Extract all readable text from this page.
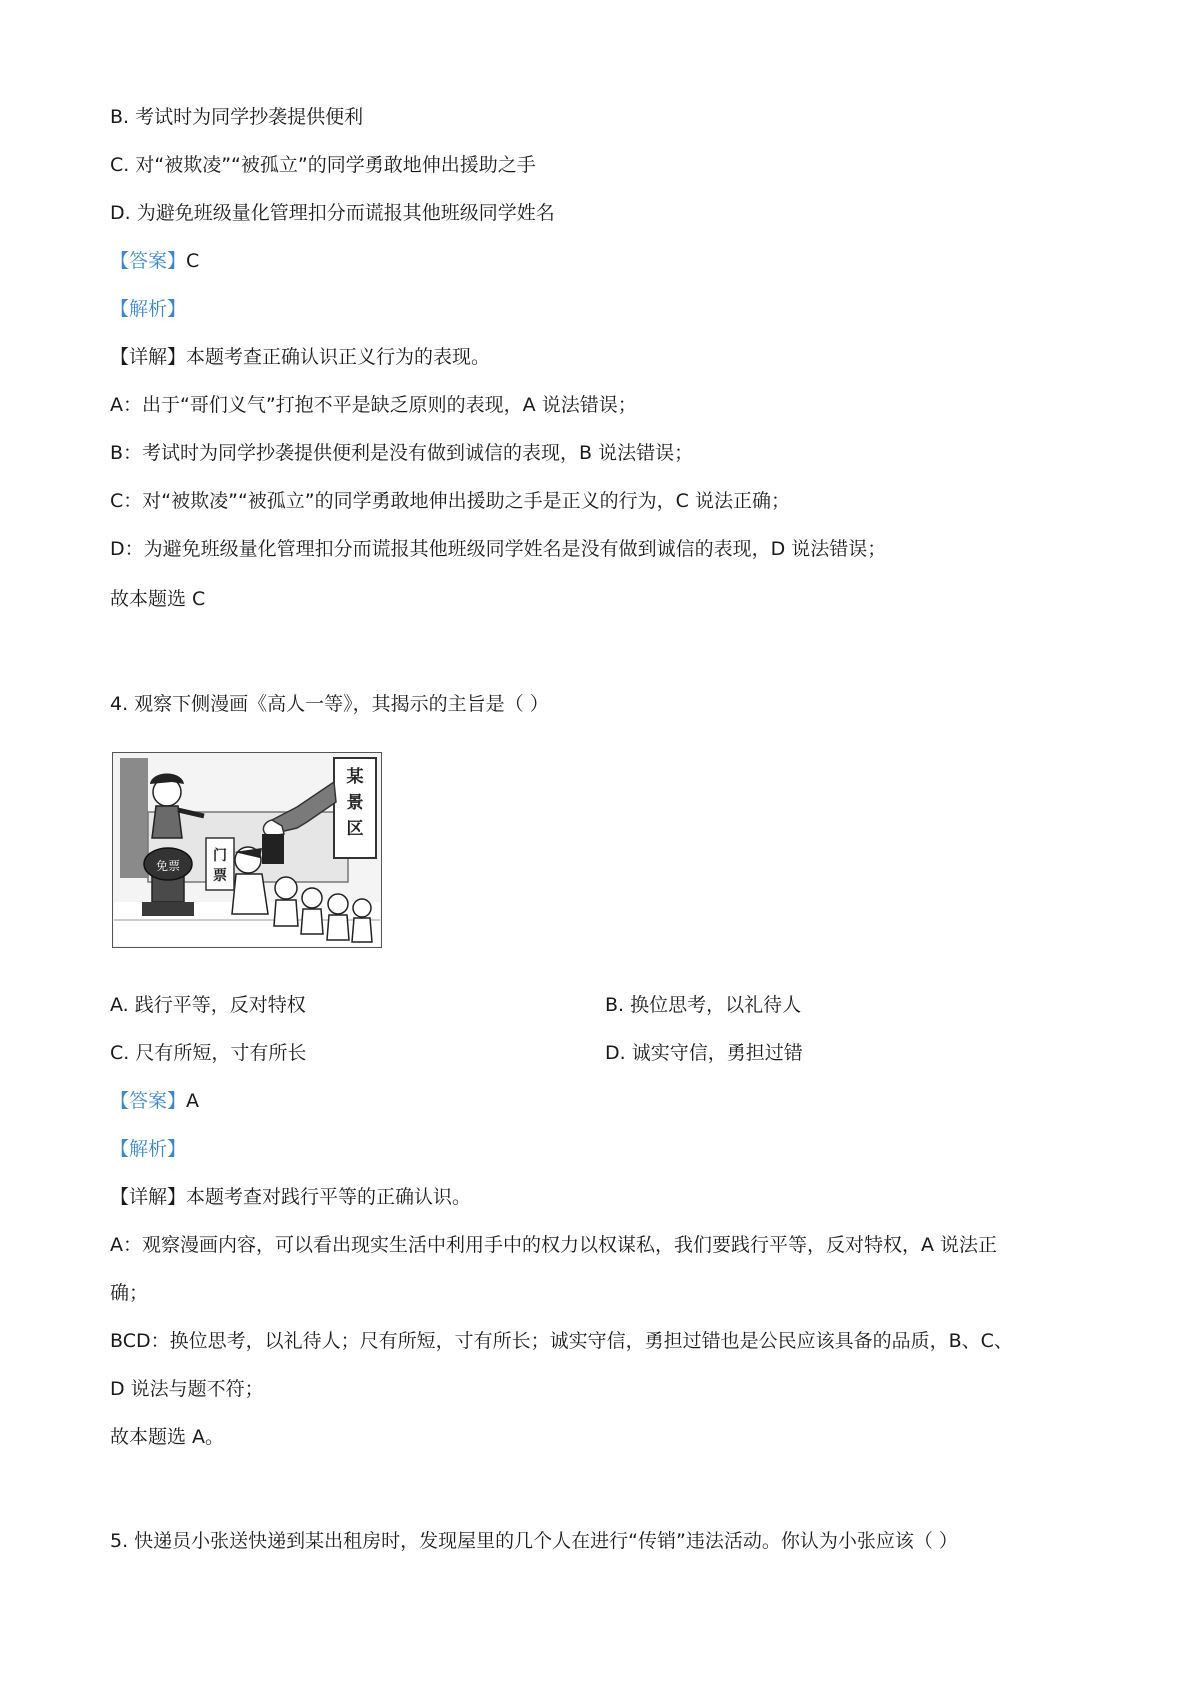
B. 考试时为同学抄袭提供便利
C. 对“被欺凌”“被孤立”的同学勇敢地伸出援助之手
D. 为避免班级量化管理扣分而谎报其他班级同学姓名
【答案】C
【解析】
【详解】本题考查正确认识正义行为的表现。
A：出于“哥们义气”打抱不平是缺乏原则的表现，A 说法错误；
B：考试时为同学抄袭提供便利是没有做到诚信的表现，B 说法错误；
C：对“被欺凌”“被孤立”的同学勇敢地伸出援助之手是正义的行为，C 说法正确；
D：为避免班级量化管理扣分而谎报其他班级同学姓名是没有做到诚信的表现，D 说法错误；
故本题选 C
4. 观察下侧漫画《高人一等》，其揭示的主旨是（ ）
某
景
区
免票
门
票
A. 践行平等，反对特权	B. 换位思考，以礼待人
C. 尺有所短，寸有所长	D. 诚实守信，勇担过错
【答案】A
【解析】
【详解】本题考查对践行平等的正确认识。
A：观察漫画内容，可以看出现实生活中利用手中的权力以权谋私，我们要践行平等，反对特权，A 说法正
确；
BCD：换位思考，以礼待人；尺有所短，寸有所长；诚实守信，勇担过错也是公民应该具备的品质，B、C、
D 说法与题不符；
故本题选 A。
5. 快递员小张送快递到某出租房时，发现屋里的几个人在进行“传销”违法活动。你认为小张应该（ ）
